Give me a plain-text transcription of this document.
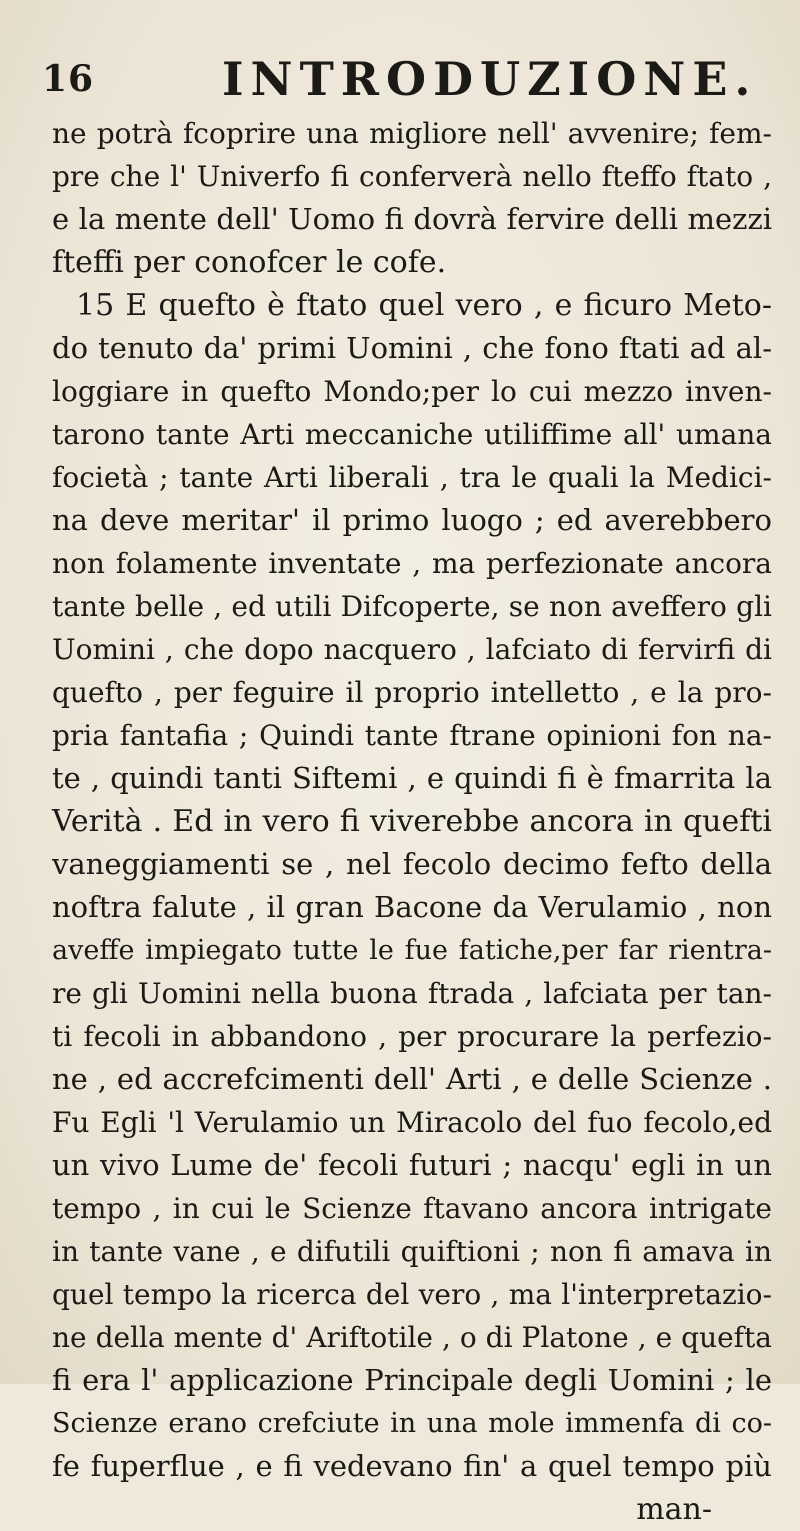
16	INTRODUZIONE.
ne potrà fcoprire una migliore nell' avvenire; fem-
pre che l' Univerfo fi conferverà nello fteffo ftato ,
e la mente dell' Uomo fi dovrà fervire delli mezzi
fteffi per conofcer le cofe.
15 E quefto è ftato quel vero , e ficuro Meto-
do tenuto da' primi Uomini , che fono ftati ad al-
loggiare in quefto Mondo;per lo cui mezzo inven-
tarono tante Arti meccaniche utiliffime all' umana
focietà ; tante Arti liberali , tra le quali la Medici-
na deve meritar' il primo luogo ; ed averebbero
non folamente inventate , ma perfezionate ancora
tante belle , ed utili Difcoperte, se non aveffero gli
Uomini , che dopo nacquero , lafciato di fervirfi di
quefto , per feguire il proprio intelletto , e la pro-
pria fantafia ; Quindi tante ftrane opinioni fon na-
te , quindi tanti Siftemi , e quindi fi è fmarrita la
Verità . Ed in vero fi viverebbe ancora in quefti
vaneggiamenti se , nel fecolo decimo fefto della
noftra falute , il gran Bacone da Verulamio , non
aveffe impiegato tutte le fue fatiche,per far rientra-
re gli Uomini nella buona ftrada , lafciata per tan-
ti fecoli in abbandono , per procurare la perfezio-
ne , ed accrefcimenti dell' Arti , e delle Scienze .
Fu Egli 'l Verulamio un Miracolo del fuo fecolo,ed
un vivo Lume de' fecoli futuri ; nacqu' egli in un
tempo , in cui le Scienze ftavano ancora intrigate
in tante vane , e difutili quiftioni ; non fi amava in
quel tempo la ricerca del vero , ma l'interpretazio-
ne della mente d' Ariftotile , o di Platone , e quefta
fi era l' applicazione Principale degli Uomini ; le
Scienze erano crefciute in una mole immenfa di co-
fe fuperflue , e fi vedevano fin' a quel tempo più
man-
